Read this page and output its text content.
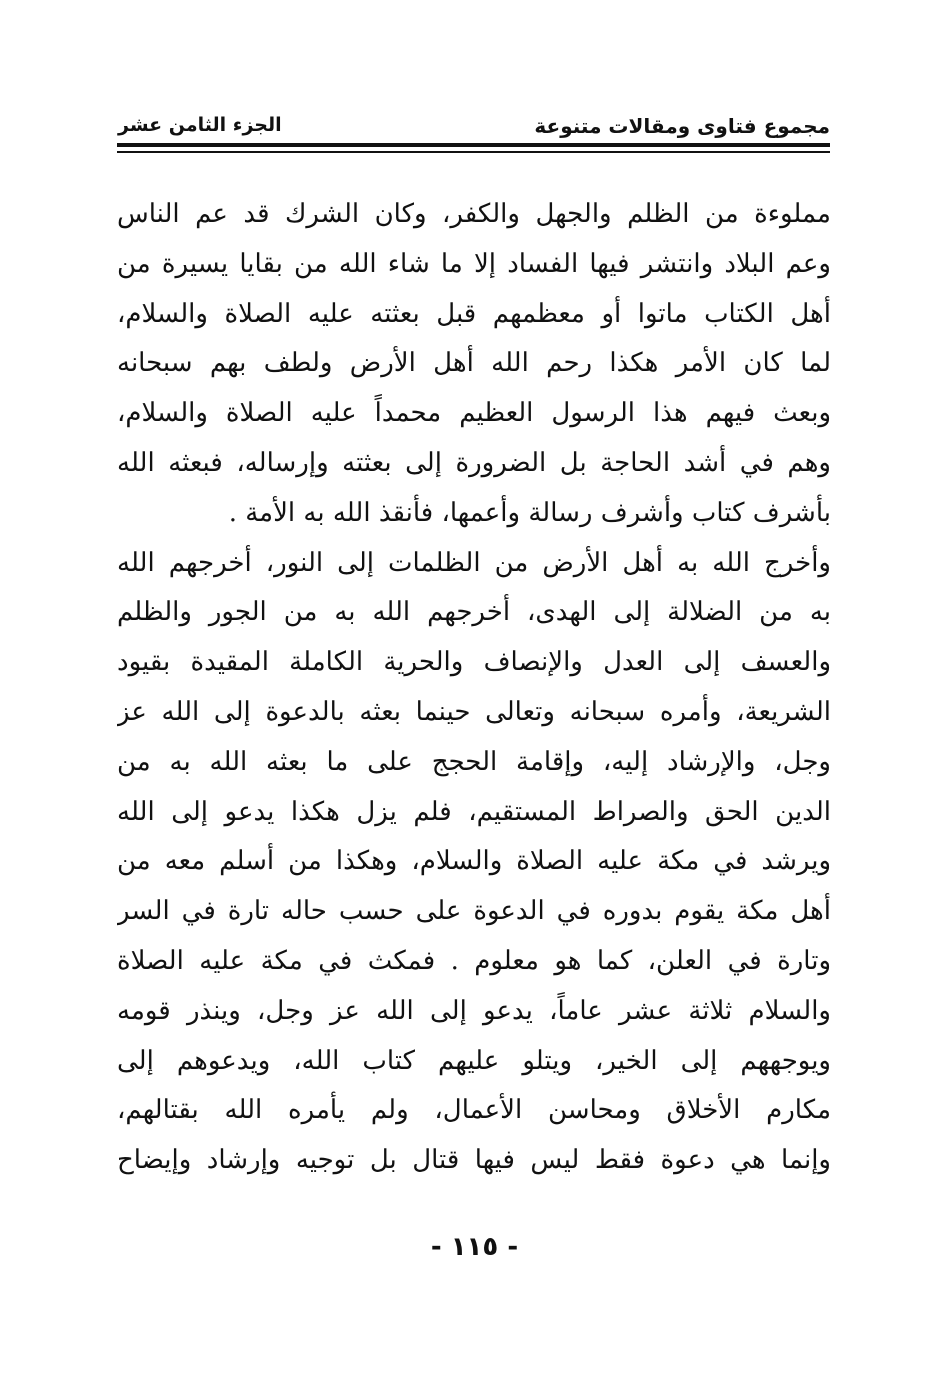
مجموع فتاوى ومقالات متنوعة
الجزء الثامن عشر
مملوءة من الظلم والجهل والكفر، وكان الشرك قد عم الناس
وعم البلاد وانتشر فيها الفساد إلا ما شاء الله من بقايا يسيرة من
أهل الكتاب ماتوا أو معظمهم قبل بعثته عليه الصلاة والسلام،
لما كان الأمر هكذا رحم الله أهل الأرض ولطف بهم سبحانه
وبعث فيهم هذا الرسول العظيم محمداً عليه الصلاة والسلام،
وهم في أشد الحاجة بل الضرورة إلى بعثته وإرساله، فبعثه الله
بأشرف كتاب وأشرف رسالة وأعمها، فأنقذ الله به الأمة .
وأخرج الله به أهل الأرض من الظلمات إلى النور، أخرجهم الله
به من الضلالة إلى الهدى، أخرجهم الله به من الجور والظلم
والعسف إلى العدل والإنصاف والحرية الكاملة المقيدة بقيود
الشريعة، وأمره سبحانه وتعالى حينما بعثه بالدعوة إلى الله عز
وجل، والإرشاد إليه، وإقامة الحجج على ما بعثه الله به من
الدين الحق والصراط المستقيم، فلم يزل هكذا يدعو إلى الله
ويرشد في مكة عليه الصلاة والسلام، وهكذا من أسلم معه من
أهل مكة يقوم بدوره في الدعوة على حسب حاله تارة في السر
وتارة في العلن، كما هو معلوم . فمكث في مكة عليه الصلاة
والسلام ثلاثة عشر عاماً، يدعو إلى الله عز وجل، وينذر قومه
ويوجههم إلى الخير، ويتلو عليهم كتاب الله، ويدعوهم إلى
مكارم الأخلاق ومحاسن الأعمال، ولم يأمره الله بقتالهم،
وإنما هي دعوة فقط ليس فيها قتال بل توجيه وإرشاد وإيضاح
- ١١٥ -
